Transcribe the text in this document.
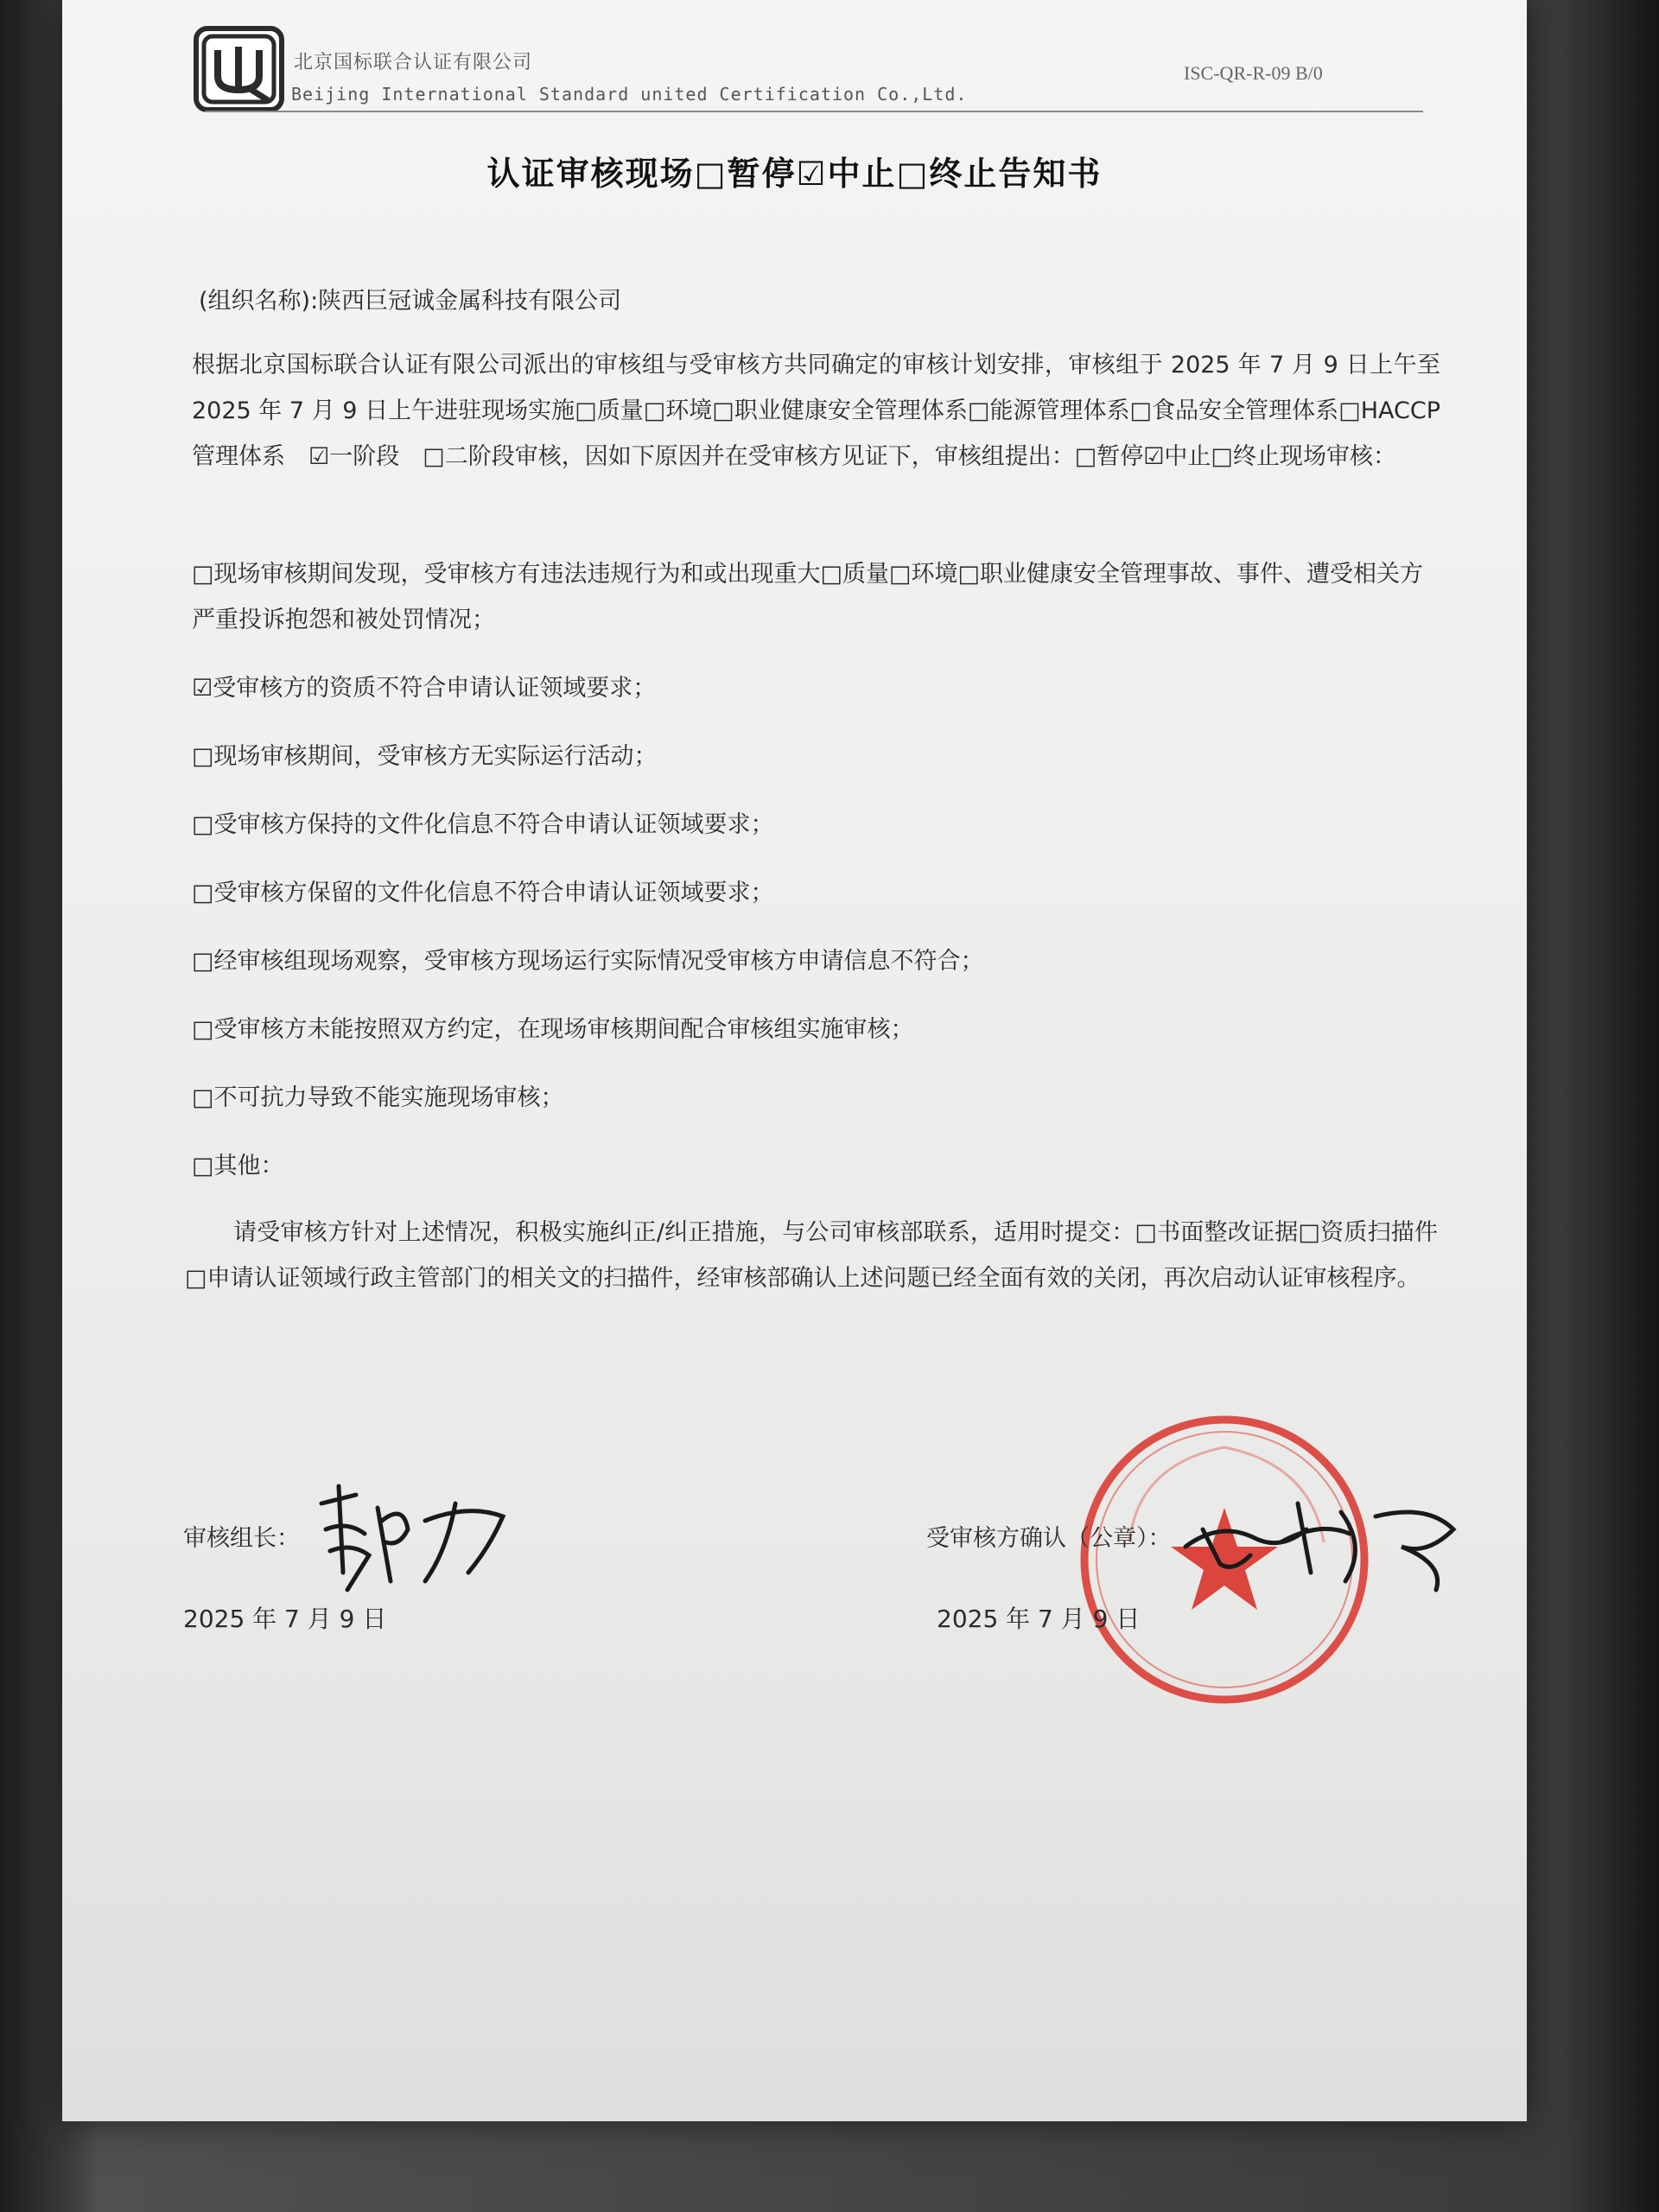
北京国标联合认证有限公司
Beijing International Standard united Certification Co.,Ltd.
ISC-QR-R-09 B/0
认证审核现场□暂停☑中止□终止告知书
(组织名称):陕西巨冠诚金属科技有限公司
根据北京国标联合认证有限公司派出的审核组与受审核方共同确定的审核计划安排，审核组于 2025 年 7 月 9 日上午至 2025 年 7 月 9 日上午进驻现场实施□质量□环境□职业健康安全管理体系□能源管理体系□食品安全管理体系□HACCP 管理体系　☑一阶段　□二阶段审核，因如下原因并在受审核方见证下，审核组提出：□暂停☑中止□终止现场审核：
□现场审核期间发现，受审核方有违法违规行为和或出现重大□质量□环境□职业健康安全管理事故、事件、遭受相关方严重投诉抱怨和被处罚情况；
☑受审核方的资质不符合申请认证领域要求；
□现场审核期间，受审核方无实际运行活动；
□受审核方保持的文件化信息不符合申请认证领域要求；
□受审核方保留的文件化信息不符合申请认证领域要求；
□经审核组现场观察，受审核方现场运行实际情况受审核方申请信息不符合；
□受审核方未能按照双方约定，在现场审核期间配合审核组实施审核；
□不可抗力导致不能实施现场审核；
□其他：
请受审核方针对上述情况，积极实施纠正/纠正措施，与公司审核部联系，适用时提交：□书面整改证据□资质扫描件□申请认证领域行政主管部门的相关文的扫描件，经审核部确认上述问题已经全面有效的关闭，再次启动认证审核程序。
审核组长：
2025 年 7 月 9 日
受审核方确认（公章）：
2025 年 7 月 9 日
